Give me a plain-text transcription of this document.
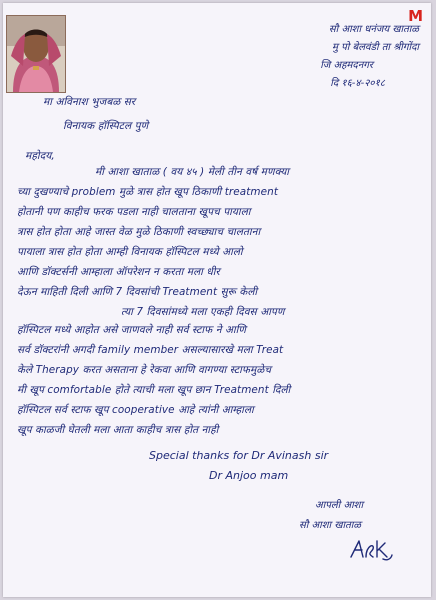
M
सौ आशा धनंजय खाताळ
मु पो बेलवंडी ता श्रीगोंदा
जि अहमदनगर
दि १६-४-२०१८
मा अविनाश भुजबळ सर
विनायक हॉस्पिटल पुणे
महोदय,
मी आशा खाताळ ( वय ४५ ) मेली तीन वर्ष मणक्या
च्या दुखण्याचे problem मुळे त्रास होत खूप ठिकाणी treatment
होतानी पण काहीच फरक पडला नाही चालताना खूपच पायाला
त्रास होत होता आहे जास्त वेळ मुळे ठिकाणी स्वच्छ्याच चालताना
पायाला त्रास होत होता आम्ही विनायक हॉस्पिटल मध्ये आलो
आणि डॉक्टर्सनी आम्हाला ऑपरेशन न करता मला धीर
देऊन माहिती दिली आणि 7 दिवसांची Treatment सुरू केली
त्या 7 दिवसांमध्ये मला एकही दिवस आपण
हॉस्पिटल मध्ये आहोत असे जाणवले नाही सर्व स्टाफ ने आणि
सर्व डॉक्टरांनी अगदी family member असल्यासारखे मला Treat
केले Therapy करत असताना हे रेकवा आणि वागण्या स्टाफमुळेच
मी खूप comfortable होते त्याची मला खूप छान Treatment दिली
हॉस्पिटल सर्व स्टाफ खूप cooperative आहे त्यांनी आम्हाला
खूप काळजी घेतली मला आता काहीच त्रास होत नाही
Special thanks for Dr Avinash sir
Dr Anjoo mam
आपली आशा
सौ आशा खाताळ
